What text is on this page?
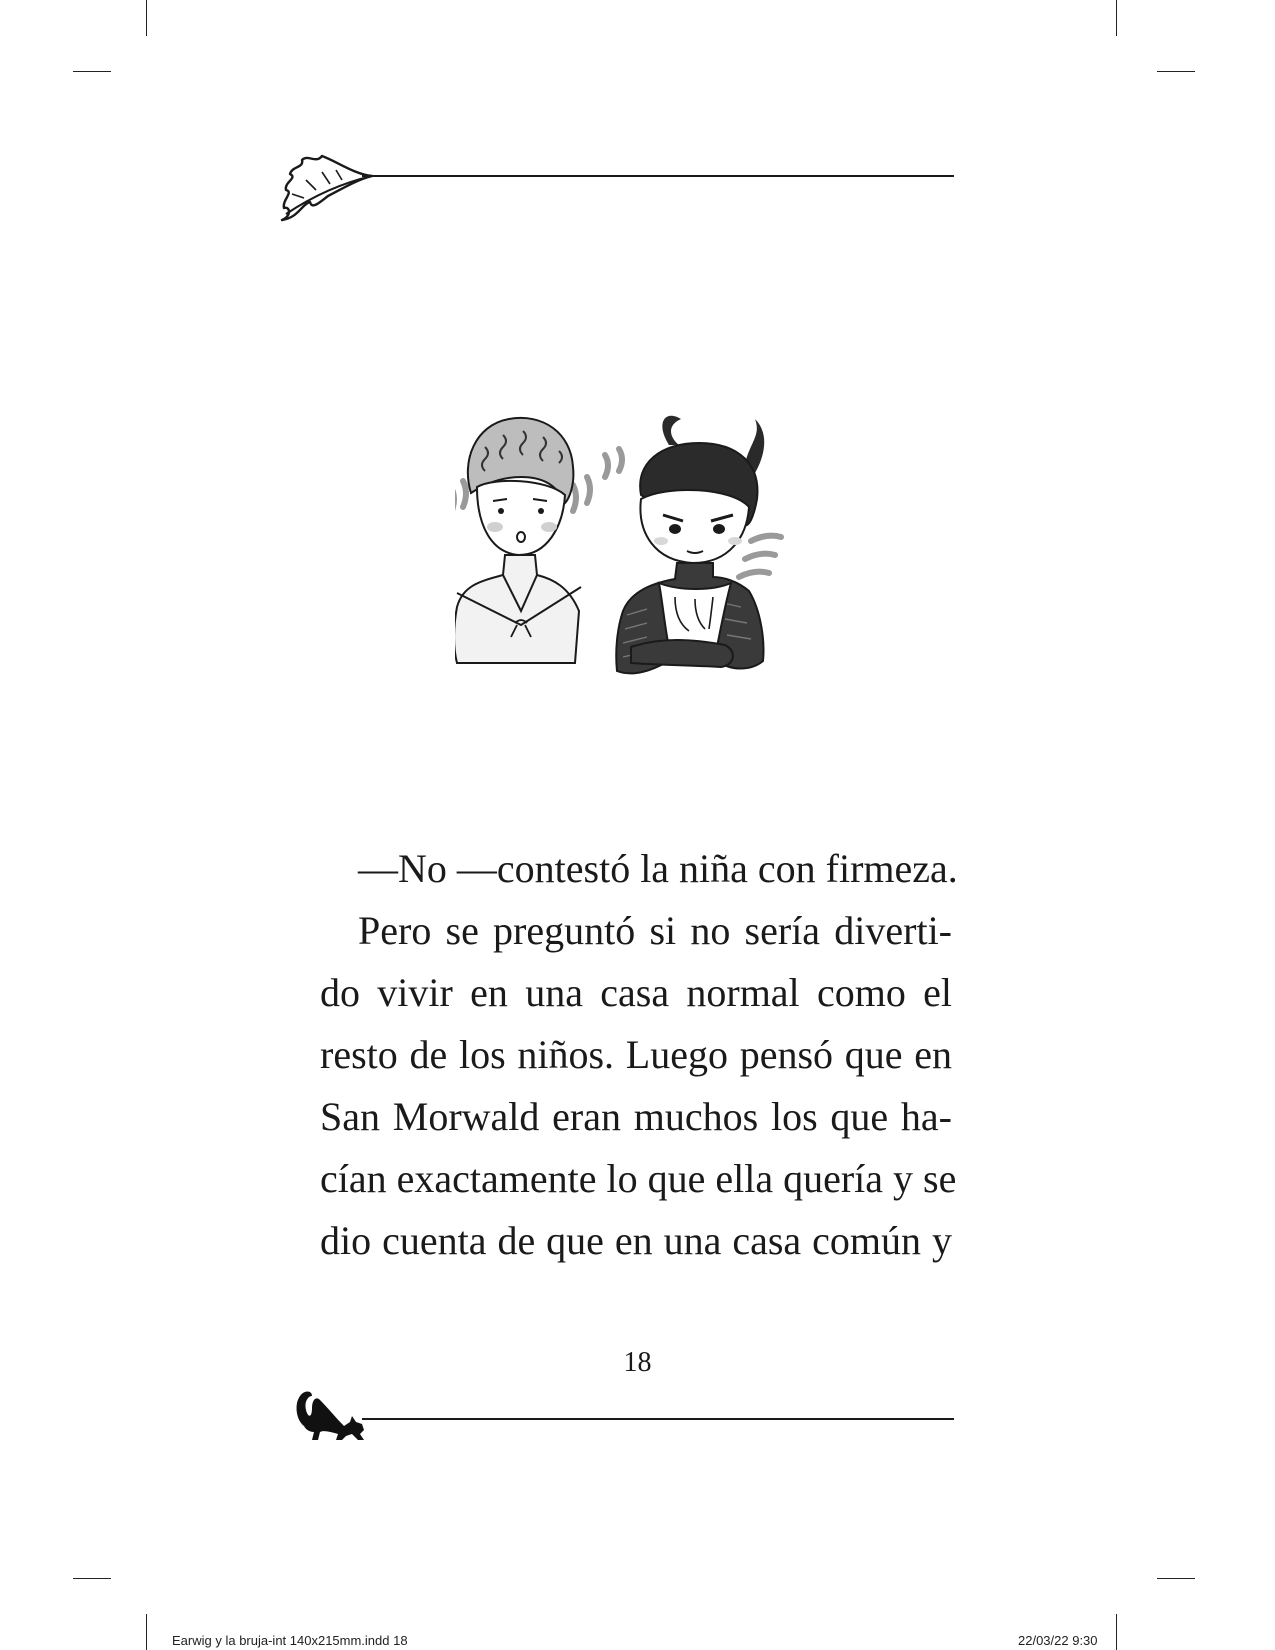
—No —contestó la niña con firmeza.

Pero se preguntó si no sería diverti-
do vivir en una casa normal como el
resto de los niños. Luego pensó que en
San Morwald eran muchos los que ha-
cían exactamente lo que ella quería y se
dio cuenta de que en una casa común y

18
Earwig y la bruja-int 140x215mm.indd 18	22/03/22 9:30
